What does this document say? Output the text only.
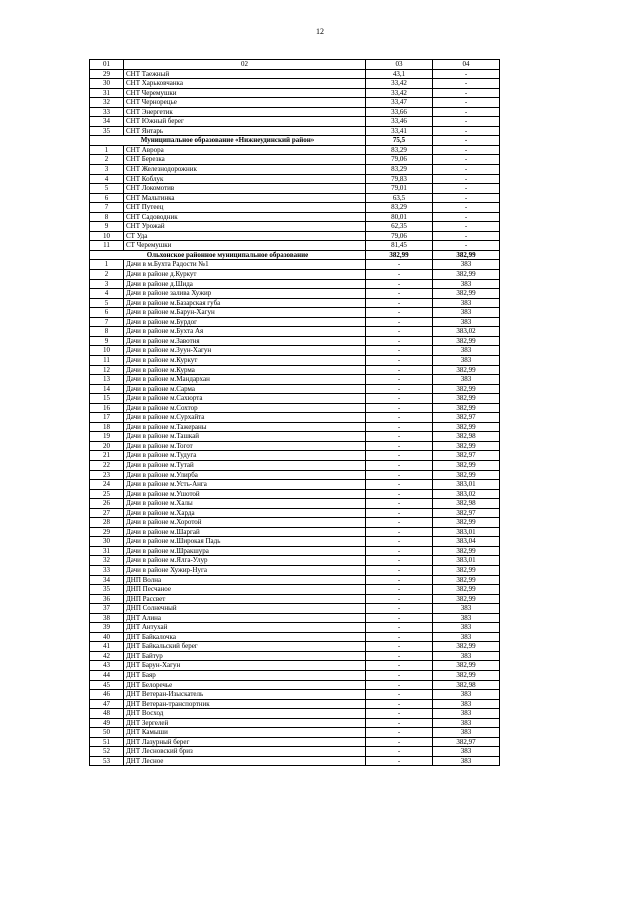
12
01	02	03	04
29	СНТ Таежный	43,1	-
30	СНТ Харьковчанка	33,42	-
31	СНТ Черемушки	33,42	-
32	СНТ Чернорецье	33,47	-
33	СНТ Энергетик	33,66	-
34	СНТ Южный берег	33,46	-
35	СНТ Янтарь	33,41	-
Муниципальное образование «Нижнеудинский район»		75,5	-
1	СНТ Аврора	83,29	-
2	СНТ Березка	79,06	-
3	СНТ Железнодорожник	83,29	-
4	СНТ Коблук	79,83	-
5	СНТ Локомотив	79,01	-
6	СНТ Мальтинка	63,5	-
7	СНТ Путеец	83,29	-
8	СНТ Садоводник	80,01	-
9	СНТ Урожай	62,35	-
10	СТ Уда	79,06	-
11	СТ Черемушки	81,45	-
Ольхонское районное муниципальное образование		382,99	382,99
1	Дачи в м.Бухта Радости №1	-	383
2	Дачи в районе д.Куркут	-	382,99
3	Дачи в районе д.Шида	-	383
4	Дачи в районе залива Хужир	-	382,99
5	Дачи в районе м.Базарская губа	-	383
6	Дачи в районе м.Барун-Хагун	-	383
7	Дачи в районе м.Бурдог	-	383
8	Дачи в районе м.Бухта Ая	-	383,02
9	Дачи в районе м.Завотня	-	382,99
10	Дачи в районе м.Зуун-Хагун	-	383
11	Дачи в районе м.Куркут	-	383
12	Дачи в районе м.Курма	-	382,99
13	Дачи в районе м.Мандархан	-	383
14	Дачи в районе м.Сарма	-	382,99
15	Дачи в районе м.Сахюрта	-	382,99
16	Дачи в районе м.Сохтор	-	382,99
17	Дачи в районе м.Сурхайта	-	382,97
18	Дачи в районе м.Тажераны	-	382,99
19	Дачи в районе м.Ташкай	-	382,98
20	Дачи в районе м.Тогот	-	382,99
21	Дачи в районе м.Тудуга	-	382,97
22	Дачи в районе м.Тутай	-	382,99
23	Дачи в районе м.Улирба	-	382,99
24	Дачи в районе м.Усть-Анга	-	383,01
25	Дачи в районе м.Ушотой	-	383,02
26	Дачи в районе м.Халы	-	382,98
27	Дачи в районе м.Харда	-	382,97
28	Дачи в районе м.Хоротой	-	382,99
29	Дачи в районе м.Шаргай	-	383,01
30	Дачи в районе м.Широкая Падь	-	383,04
31	Дачи в районе м.Шракшура	-	382,99
32	Дачи в районе м.Ялга-Улур	-	383,01
33	Дачи в районе Хужир-Нуга	-	382,99
34	ДНП Волна	-	382,99
35	ДНП Песчаное	-	382,99
36	ДНП Рассвет	-	382,99
37	ДНП Солнечный	-	383
38	ДНТ Алина	-	383
39	ДНТ Антухай	-	383
40	ДНТ Байкалочка	-	383
41	ДНТ Байкальский берег	-	382,99
42	ДНТ Байтур	-	383
43	ДНТ Барун-Хагун	-	382,99
44	ДНТ Баяр	-	382,99
45	ДНТ Белоречье	-	382,98
46	ДНТ Ветеран-Изыскатель	-	383
47	ДНТ Ветеран-транспортник	-	383
48	ДНТ Восход	-	383
49	ДНТ Зергелей	-	383
50	ДНТ Камыши	-	383
51	ДНТ Лазурный берег	-	382,97
52	ДНТ Лесновский бриз	-	383
53	ДНТ Лесное	-	383
